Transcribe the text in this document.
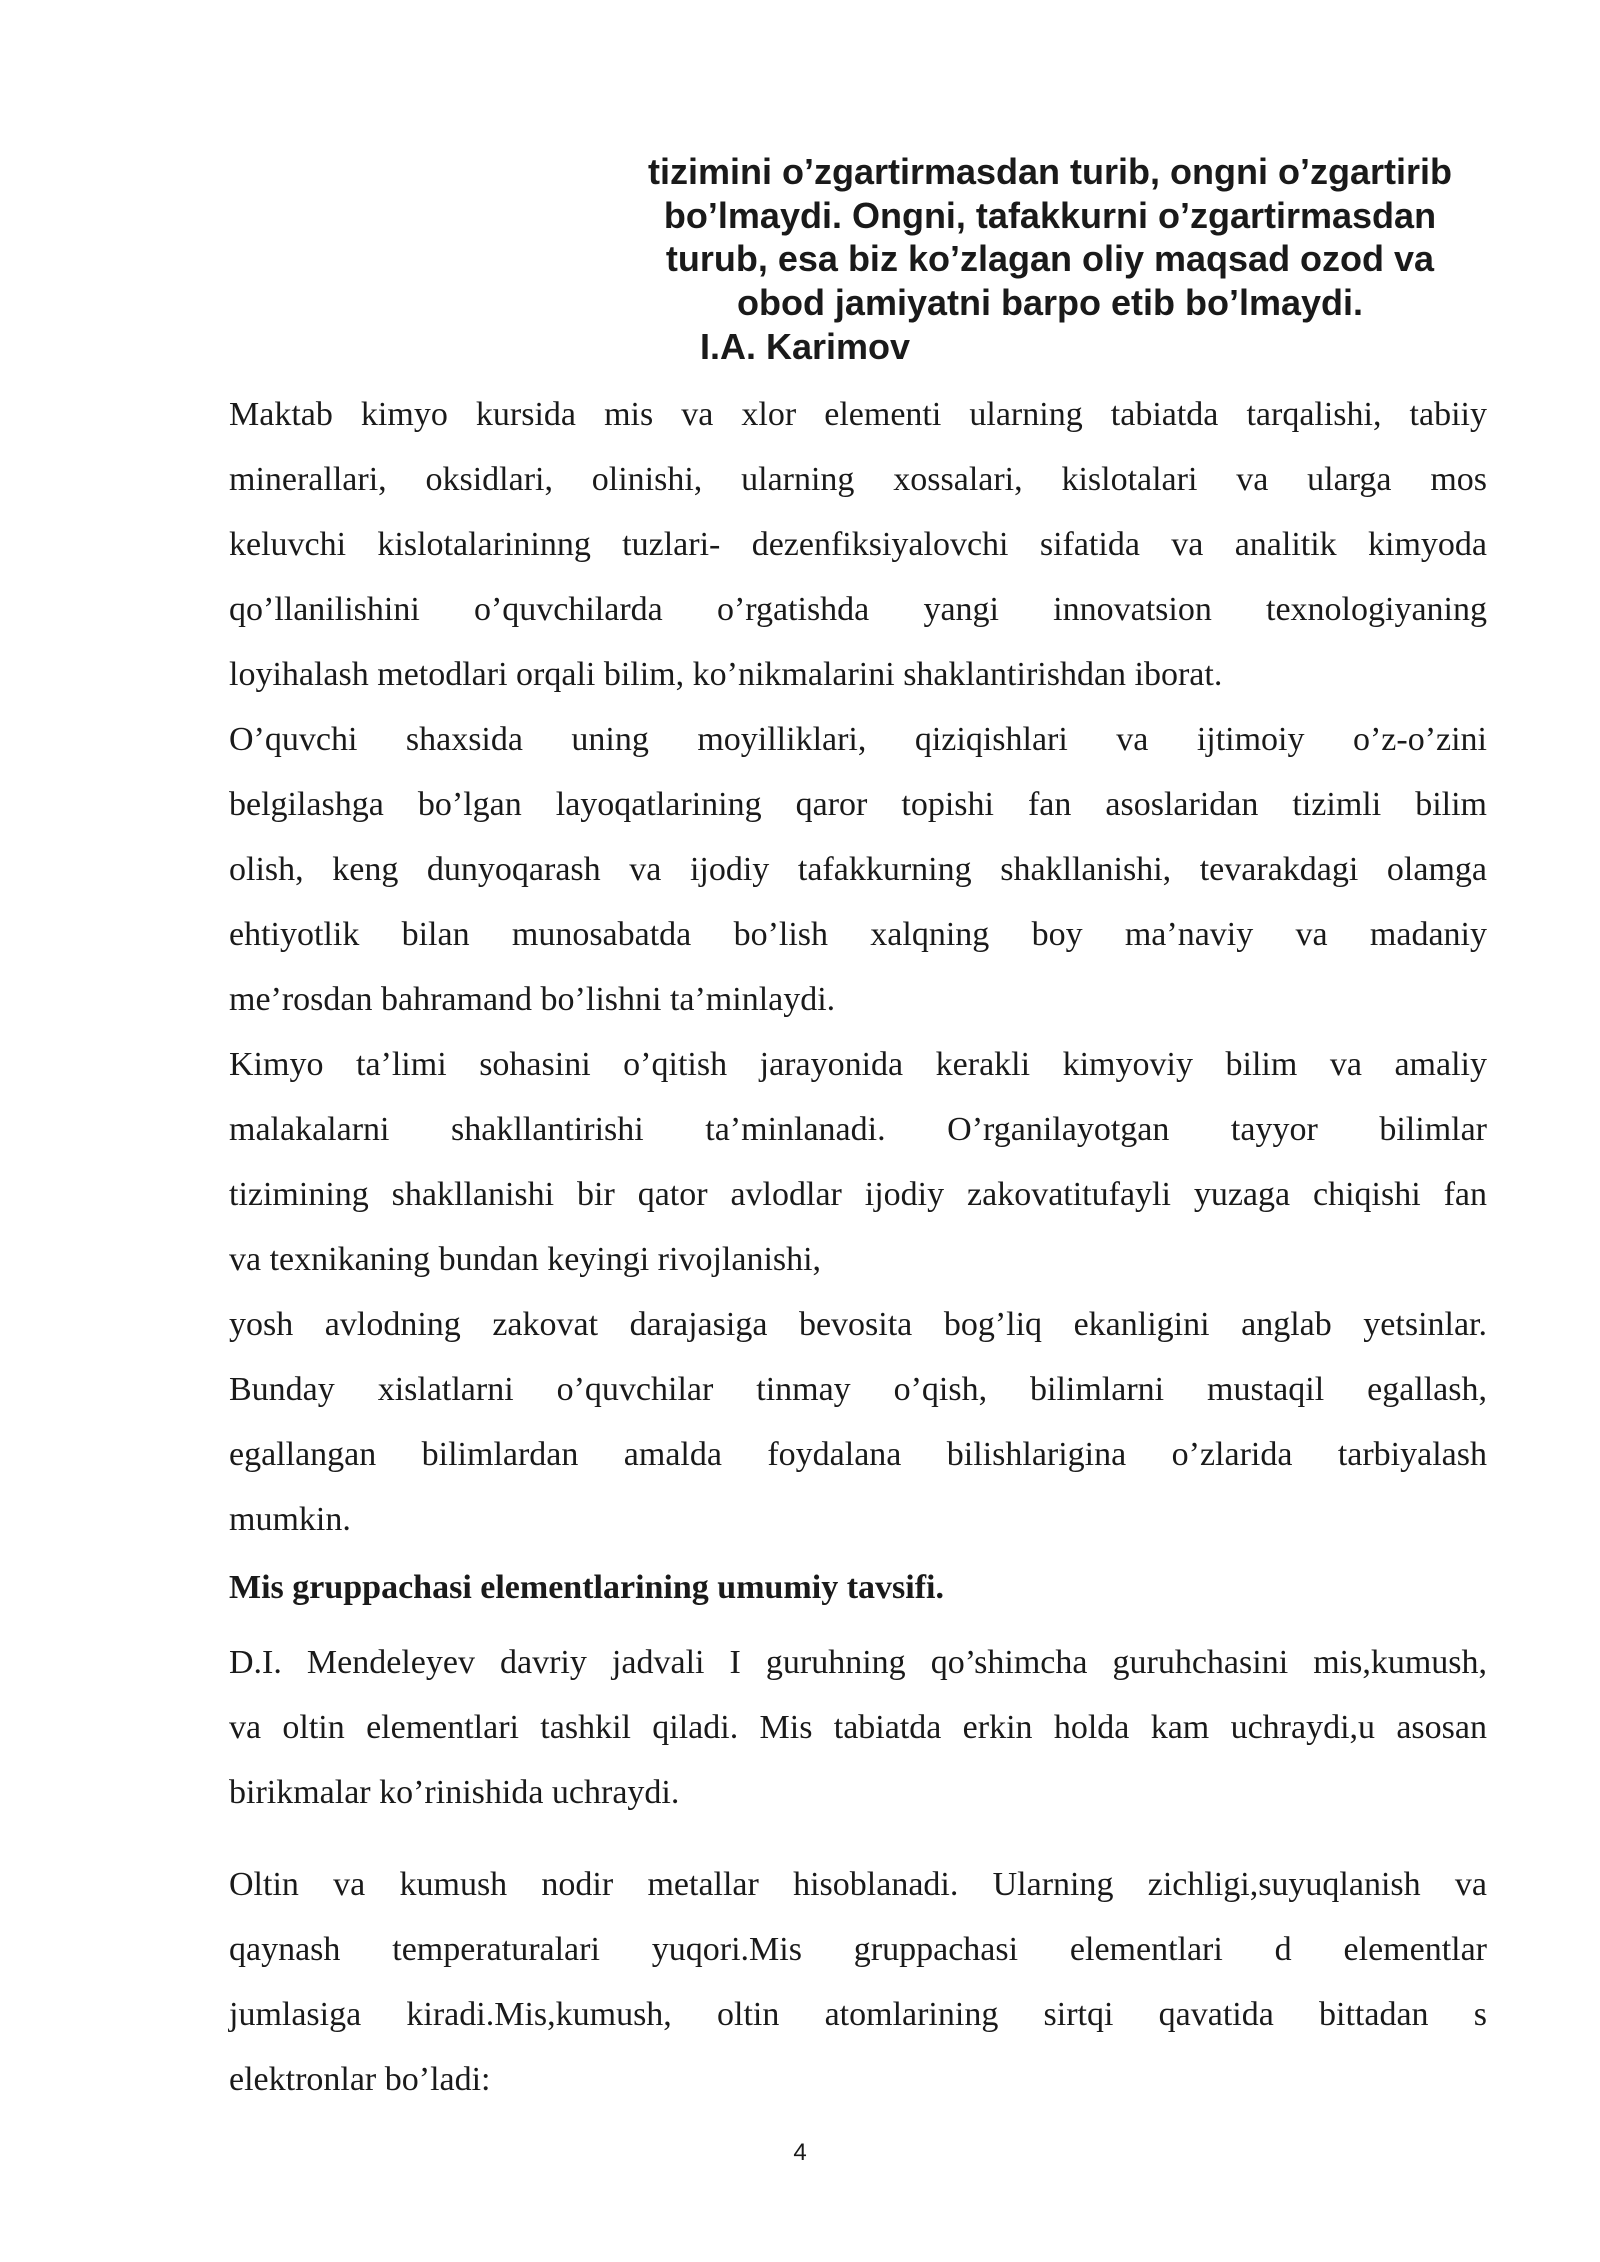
tizimini o’zgartirmasdan turib, ongni o’zgartirib
bo’lmaydi. Ongni, tafakkurni o’zgartirmasdan
turub, esa biz ko’zlagan oliy maqsad ozod va
obod jamiyatni barpo etib bo’lmaydi.
I.A. Karimov

Maktab kimyo kursida mis va xlor elementi ularning tabiatda tarqalishi, tabiiy
minerallari, oksidlari, olinishi, ularning xossalari, kislotalari va ularga mos
keluvchi kislotalarininng tuzlari- dezenfiksiyalovchi sifatida va analitik kimyoda
qo’llanilishini o’quvchilarda o’rgatishda yangi innovatsion texnologiyaning
loyihalash metodlari orqali bilim, ko’nikmalarini shaklantirishdan iborat.

O’quvchi shaxsida uning moyilliklari, qiziqishlari va ijtimoiy o’z-o’zini
belgilashga bo’lgan layoqatlarining qaror topishi fan asoslaridan tizimli bilim
olish, keng dunyoqarash va ijodiy tafakkurning shakllanishi, tevarakdagi olamga
ehtiyotlik bilan munosabatda bo’lish xalqning boy ma’naviy va madaniy
me’rosdan bahramand bo’lishni ta’minlaydi.

Kimyo ta’limi sohasini o’qitish jarayonida kerakli kimyoviy bilim va amaliy
malakalarni shakllantirishi ta’minlanadi. O’rganilayotgan tayyor bilimlar
tizimining shakllanishi bir qator avlodlar ijodiy zakovatitufayli yuzaga chiqishi fan
va texnikaning bundan keyingi rivojlanishi,

yosh avlodning zakovat darajasiga bevosita bog’liq ekanligini anglab yetsinlar.
Bunday xislatlarni o’quvchilar tinmay o’qish, bilimlarni mustaqil egallash,
egallangan bilimlardan amalda foydalana bilishlarigina o’zlarida tarbiyalash
mumkin.

Mis gruppachasi elementlarining umumiy tavsifi.

D.I. Mendeleyev davriy jadvali I guruhning qo’shimcha guruhchasini mis,kumush,
va oltin elementlari tashkil qiladi. Mis tabiatda erkin holda kam uchraydi,u asosan
birikmalar ko’rinishida uchraydi.

Oltin va kumush nodir metallar hisoblanadi. Ularning zichligi,suyuqlanish va
qaynash temperaturalari yuqori.Mis gruppachasi elementlari d elementlar
jumlasiga kiradi.Mis,kumush, oltin atomlarining sirtqi qavatida bittadan s
elektronlar bo’ladi:

4
